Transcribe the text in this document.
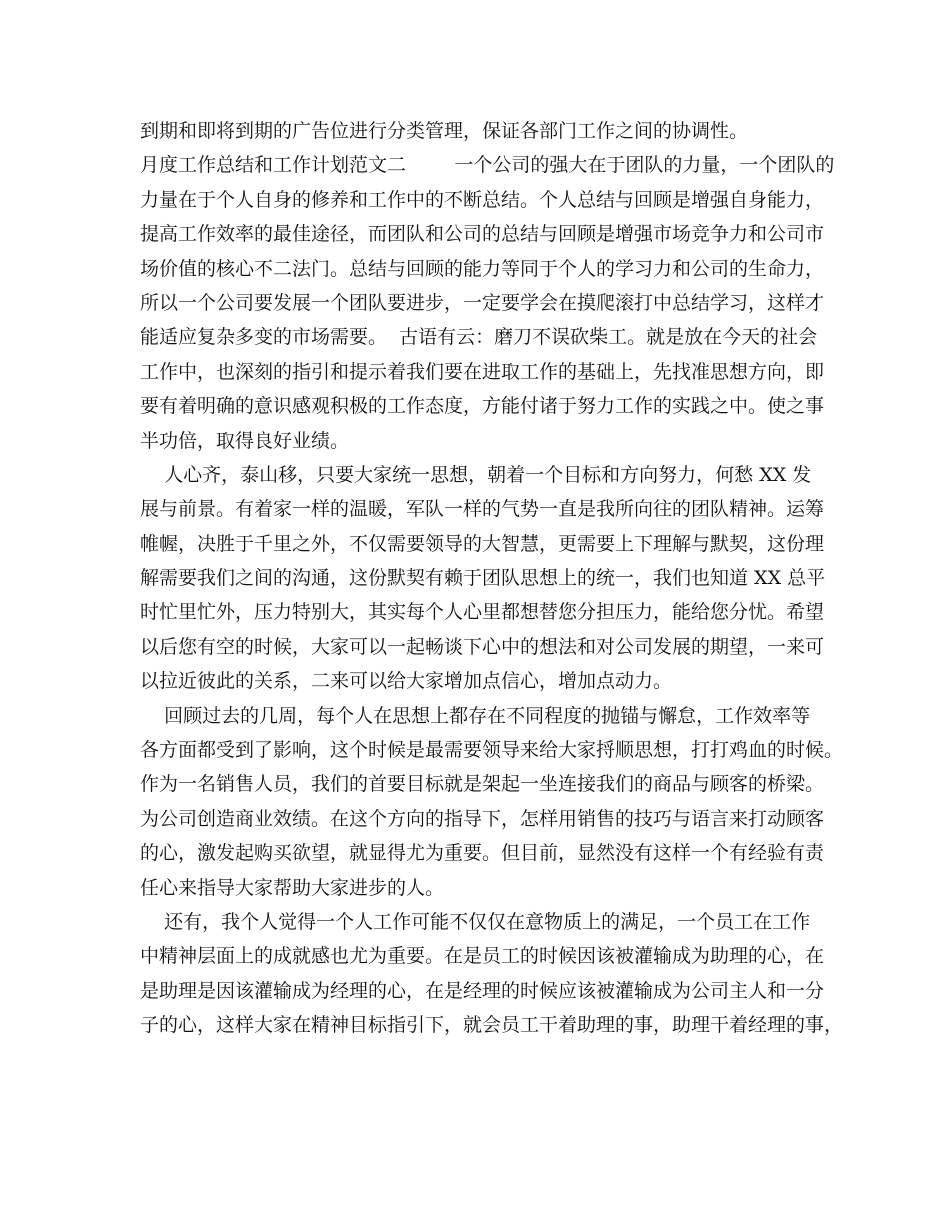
到期和即将到期的广告位进行分类管理，保证各部门工作之间的协调性。
月度工作总结和工作计划范文二        一个公司的强大在于团队的力量，一个团队的
力量在于个人自身的修养和工作中的不断总结。个人总结与回顾是增强自身能力，
提高工作效率的最佳途径，而团队和公司的总结与回顾是增强市场竞争力和公司市
场价值的核心不二法门。总结与回顾的能力等同于个人的学习力和公司的生命力，
所以一个公司要发展一个团队要进步，一定要学会在摸爬滚打中总结学习，这样才
能适应复杂多变的市场需要。  古语有云：磨刀不误砍柴工。就是放在今天的社会
工作中，也深刻的指引和提示着我们要在进取工作的基础上，先找准思想方向，即
要有着明确的意识感观积极的工作态度，方能付诸于努力工作的实践之中。使之事
半功倍，取得良好业绩。
人心齐，泰山移，只要大家统一思想，朝着一个目标和方向努力，何愁 XX 发
展与前景。有着家一样的温暖，军队一样的气势一直是我所向往的团队精神。运筹
帷幄，决胜于千里之外，不仅需要领导的大智慧，更需要上下理解与默契，这份理
解需要我们之间的沟通，这份默契有赖于团队思想上的统一，我们也知道 XX 总平
时忙里忙外，压力特别大，其实每个人心里都想替您分担压力，能给您分忧。希望
以后您有空的时候，大家可以一起畅谈下心中的想法和对公司发展的期望，一来可
以拉近彼此的关系，二来可以给大家增加点信心，增加点动力。
回顾过去的几周，每个人在思想上都存在不同程度的抛锚与懈怠，工作效率等
各方面都受到了影响，这个时候是最需要领导来给大家捋顺思想，打打鸡血的时候。
作为一名销售人员，我们的首要目标就是架起一坐连接我们的商品与顾客的桥梁。
为公司创造商业效绩。在这个方向的指导下，怎样用销售的技巧与语言来打动顾客
的心，激发起购买欲望，就显得尤为重要。但目前，显然没有这样一个有经验有责
任心来指导大家帮助大家进步的人。
还有，我个人觉得一个人工作可能不仅仅在意物质上的满足，一个员工在工作
中精神层面上的成就感也尤为重要。在是员工的时候因该被灌输成为助理的心，在
是助理是因该灌输成为经理的心，在是经理的时候应该被灌输成为公司主人和一分
子的心，这样大家在精神目标指引下，就会员工干着助理的事，助理干着经理的事，
